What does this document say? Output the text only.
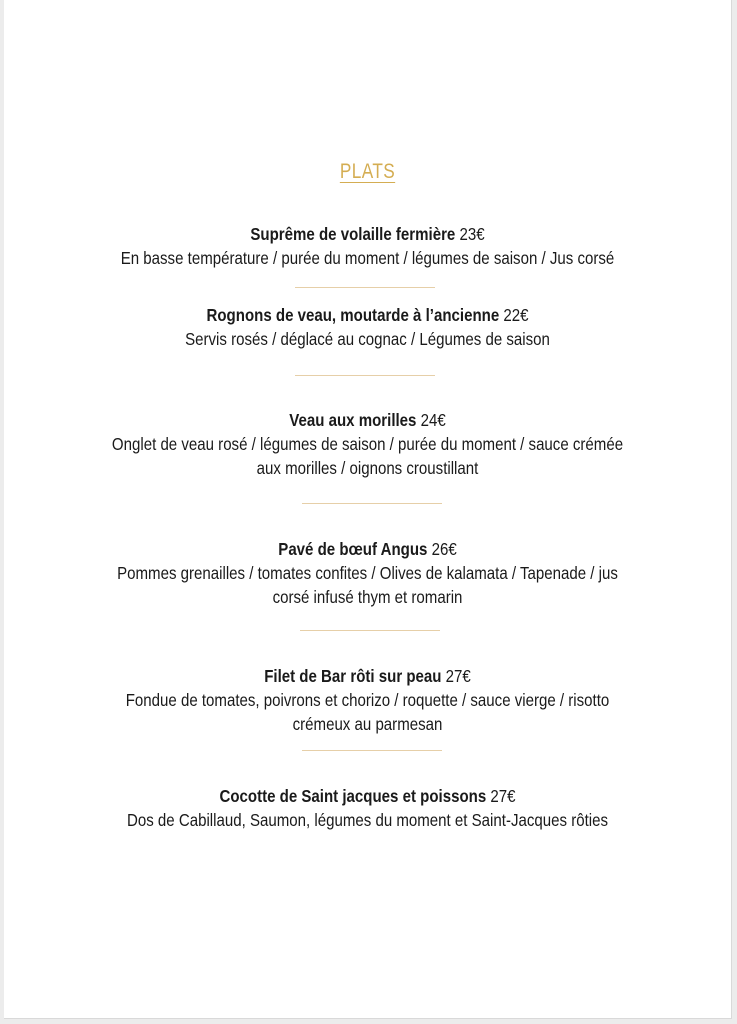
PLATS
Suprême de volaille fermière 23€
En basse température / purée du moment / légumes de saison / Jus corsé
Rognons de veau, moutarde à l’ancienne 22€
Servis rosés / déglacé au cognac / Légumes de saison
Veau aux morilles 24€
Onglet de veau rosé / légumes de saison / purée du moment / sauce crémée
aux morilles / oignons croustillant
Pavé de bœuf Angus 26€
Pommes grenailles / tomates confites / Olives de kalamata / Tapenade / jus
corsé infusé thym et romarin
Filet de Bar rôti sur peau 27€
Fondue de tomates, poivrons et chorizo / roquette / sauce vierge / risotto
crémeux au parmesan
Cocotte de Saint jacques et poissons 27€
Dos de Cabillaud, Saumon, légumes du moment et Saint-Jacques rôties
